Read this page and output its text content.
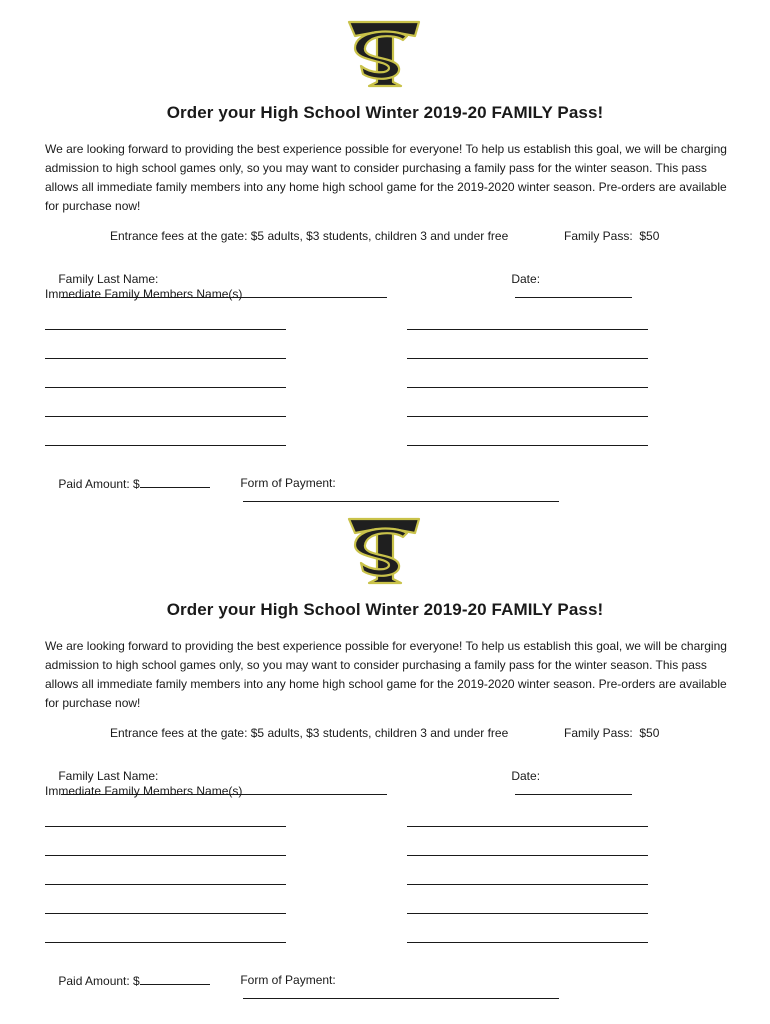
Order your High School Winter 2019-20 FAMILY Pass!

We are looking forward to providing the best experience possible for everyone! To help us establish this goal, we will be charging admission to high school games only, so you may want to consider purchasing a family pass for the winter season. This pass allows all immediate family members into any home high school game for the 2019-2020 winter season. Pre-orders are available for purchase now!

Entrance fees at the gate: $5 adults, $3 students, children 3 and under free	Family Pass:  $50

Family Last Name:

	Date:

Immediate Family Members Name(s)

Paid Amount: $
	Form of Payment:

Order your High School Winter 2019-20 FAMILY Pass!

We are looking forward to providing the best experience possible for everyone! To help us establish this goal, we will be charging admission to high school games only, so you may want to consider purchasing a family pass for the winter season. This pass allows all immediate family members into any home high school game for the 2019-2020 winter season. Pre-orders are available for purchase now!

Entrance fees at the gate: $5 adults, $3 students, children 3 and under free	Family Pass:  $50

Family Last Name:

	Date:

Immediate Family Members Name(s)

Paid Amount: $
	Form of Payment:
